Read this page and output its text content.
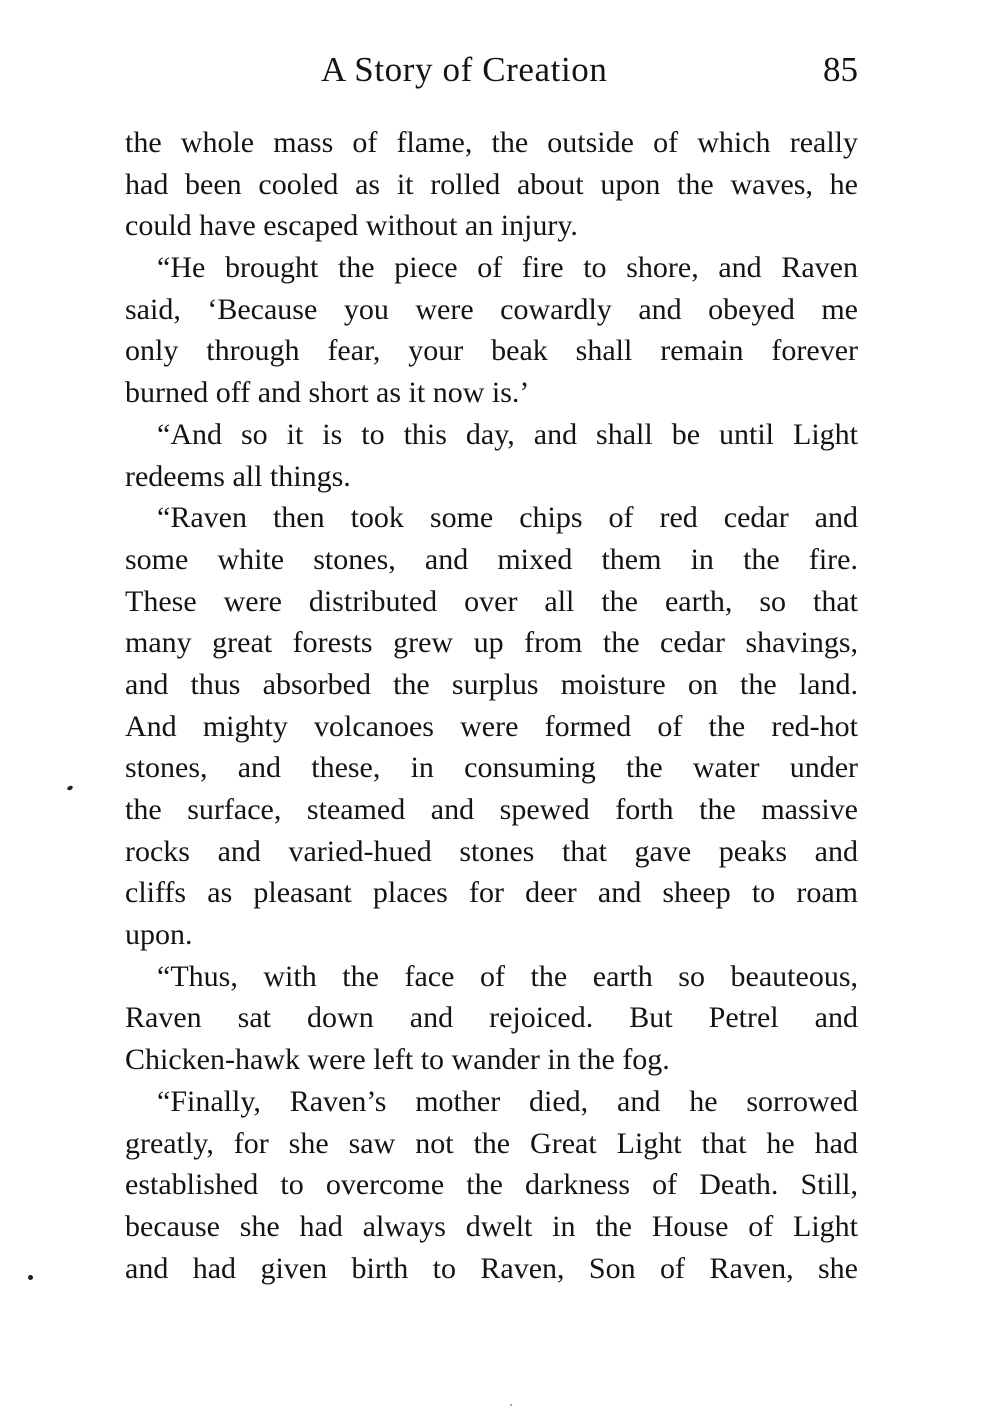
A Story of Creation	85
the whole mass of flame, the outside of which really
had been cooled as it rolled about upon the waves, he
could have escaped without an injury.
“He brought the piece of fire to shore, and Raven
said, ‘Because you were cowardly and obeyed me
only through fear, your beak shall remain forever
burned off and short as it now is.’
“And so it is to this day, and shall be until Light
redeems all things.
“Raven then took some chips of red cedar and
some white stones, and mixed them in the fire.
These were distributed over all the earth, so that
many great forests grew up from the cedar shavings,
and thus absorbed the surplus moisture on the land.
And mighty volcanoes were formed of the red-hot
stones, and these, in consuming the water under
the surface, steamed and spewed forth the massive
rocks and varied-hued stones that gave peaks and
cliffs as pleasant places for deer and sheep to roam
upon.
“Thus, with the face of the earth so beauteous,
Raven sat down and rejoiced. But Petrel and
Chicken-hawk were left to wander in the fog.
“Finally, Raven’s mother died, and he sorrowed
greatly, for she saw not the Great Light that he had
established to overcome the darkness of Death. Still,
because she had always dwelt in the House of Light
and had given birth to Raven, Son of Raven, she
